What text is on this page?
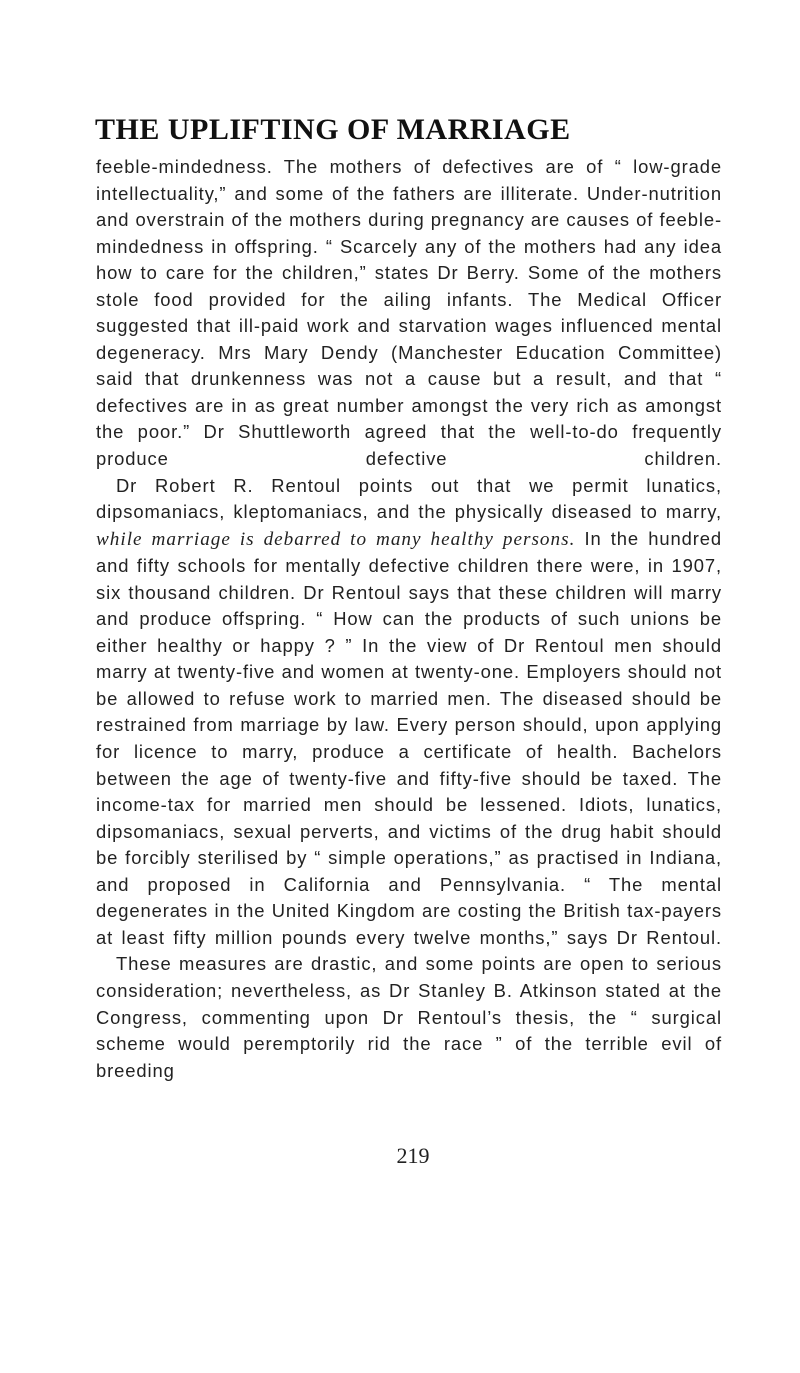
THE UPLIFTING OF MARRIAGE

feeble-mindedness. The mothers of defectives are of “ low-grade intellectuality,” and some of the fathers are illiterate. Under-nutrition and overstrain of the mothers during pregnancy are causes of feeble-mindedness in offspring. “ Scarcely any of the mothers had any idea how to care for the children,” states Dr Berry. Some of the mothers stole food provided for the ailing infants. The Medical Officer suggested that ill-paid work and starvation wages influenced mental degeneracy. Mrs Mary Dendy (Manchester Education Committee) said that drunkenness was not a cause but a result, and that “ defectives are in as great number amongst the very rich as amongst the poor.” Dr Shuttleworth agreed that the well-to-do frequently produce defective children.

Dr Robert R. Rentoul points out that we permit lunatics, dipsomaniacs, kleptomaniacs, and the physically diseased to marry, while marriage is debarred to many healthy persons. In the hundred and fifty schools for mentally defective children there were, in 1907, six thousand children. Dr Rentoul says that these children will marry and produce offspring. “ How can the products of such unions be either healthy or happy ? ” In the view of Dr Rentoul men should marry at twenty-five and women at twenty-one. Employers should not be allowed to refuse work to married men. The diseased should be restrained from marriage by law. Every person should, upon applying for licence to marry, produce a certificate of health. Bachelors between the age of twenty-five and fifty-five should be taxed. The income-tax for married men should be lessened. Idiots, lunatics, dipsomaniacs, sexual perverts, and victims of the drug habit should be forcibly sterilised by “ simple operations,” as practised in Indiana, and proposed in California and Pennsylvania. “ The mental degenerates in the United Kingdom are costing the British tax-payers at least fifty million pounds every twelve months,” says Dr Rentoul.

These measures are drastic, and some points are open to serious consideration; nevertheless, as Dr Stanley B. Atkinson stated at the Congress, commenting upon Dr Rentoul’s thesis, the “ surgical scheme would peremptorily rid the race ” of the terrible evil of breeding

219
